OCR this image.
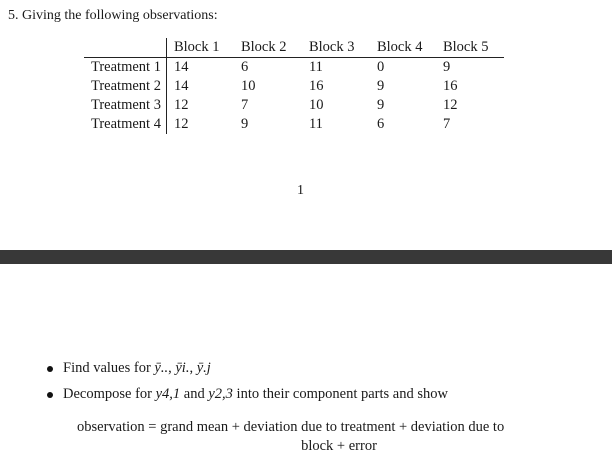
5. Giving the following observations:
	Block 1	Block 2	Block 3	Block 4	Block 5
Treatment 1	14	6	11	0	9
Treatment 2	14	10	16	9	16
Treatment 3	12	7	10	9	12
Treatment 4	12	9	11	6	7
1
Find values for ȳ.., ȳi., ȳ.j
Decompose for y4,1 and y2,3 into their component parts and show
observation = grand mean + deviation due to treatment + deviation due to
block + error
